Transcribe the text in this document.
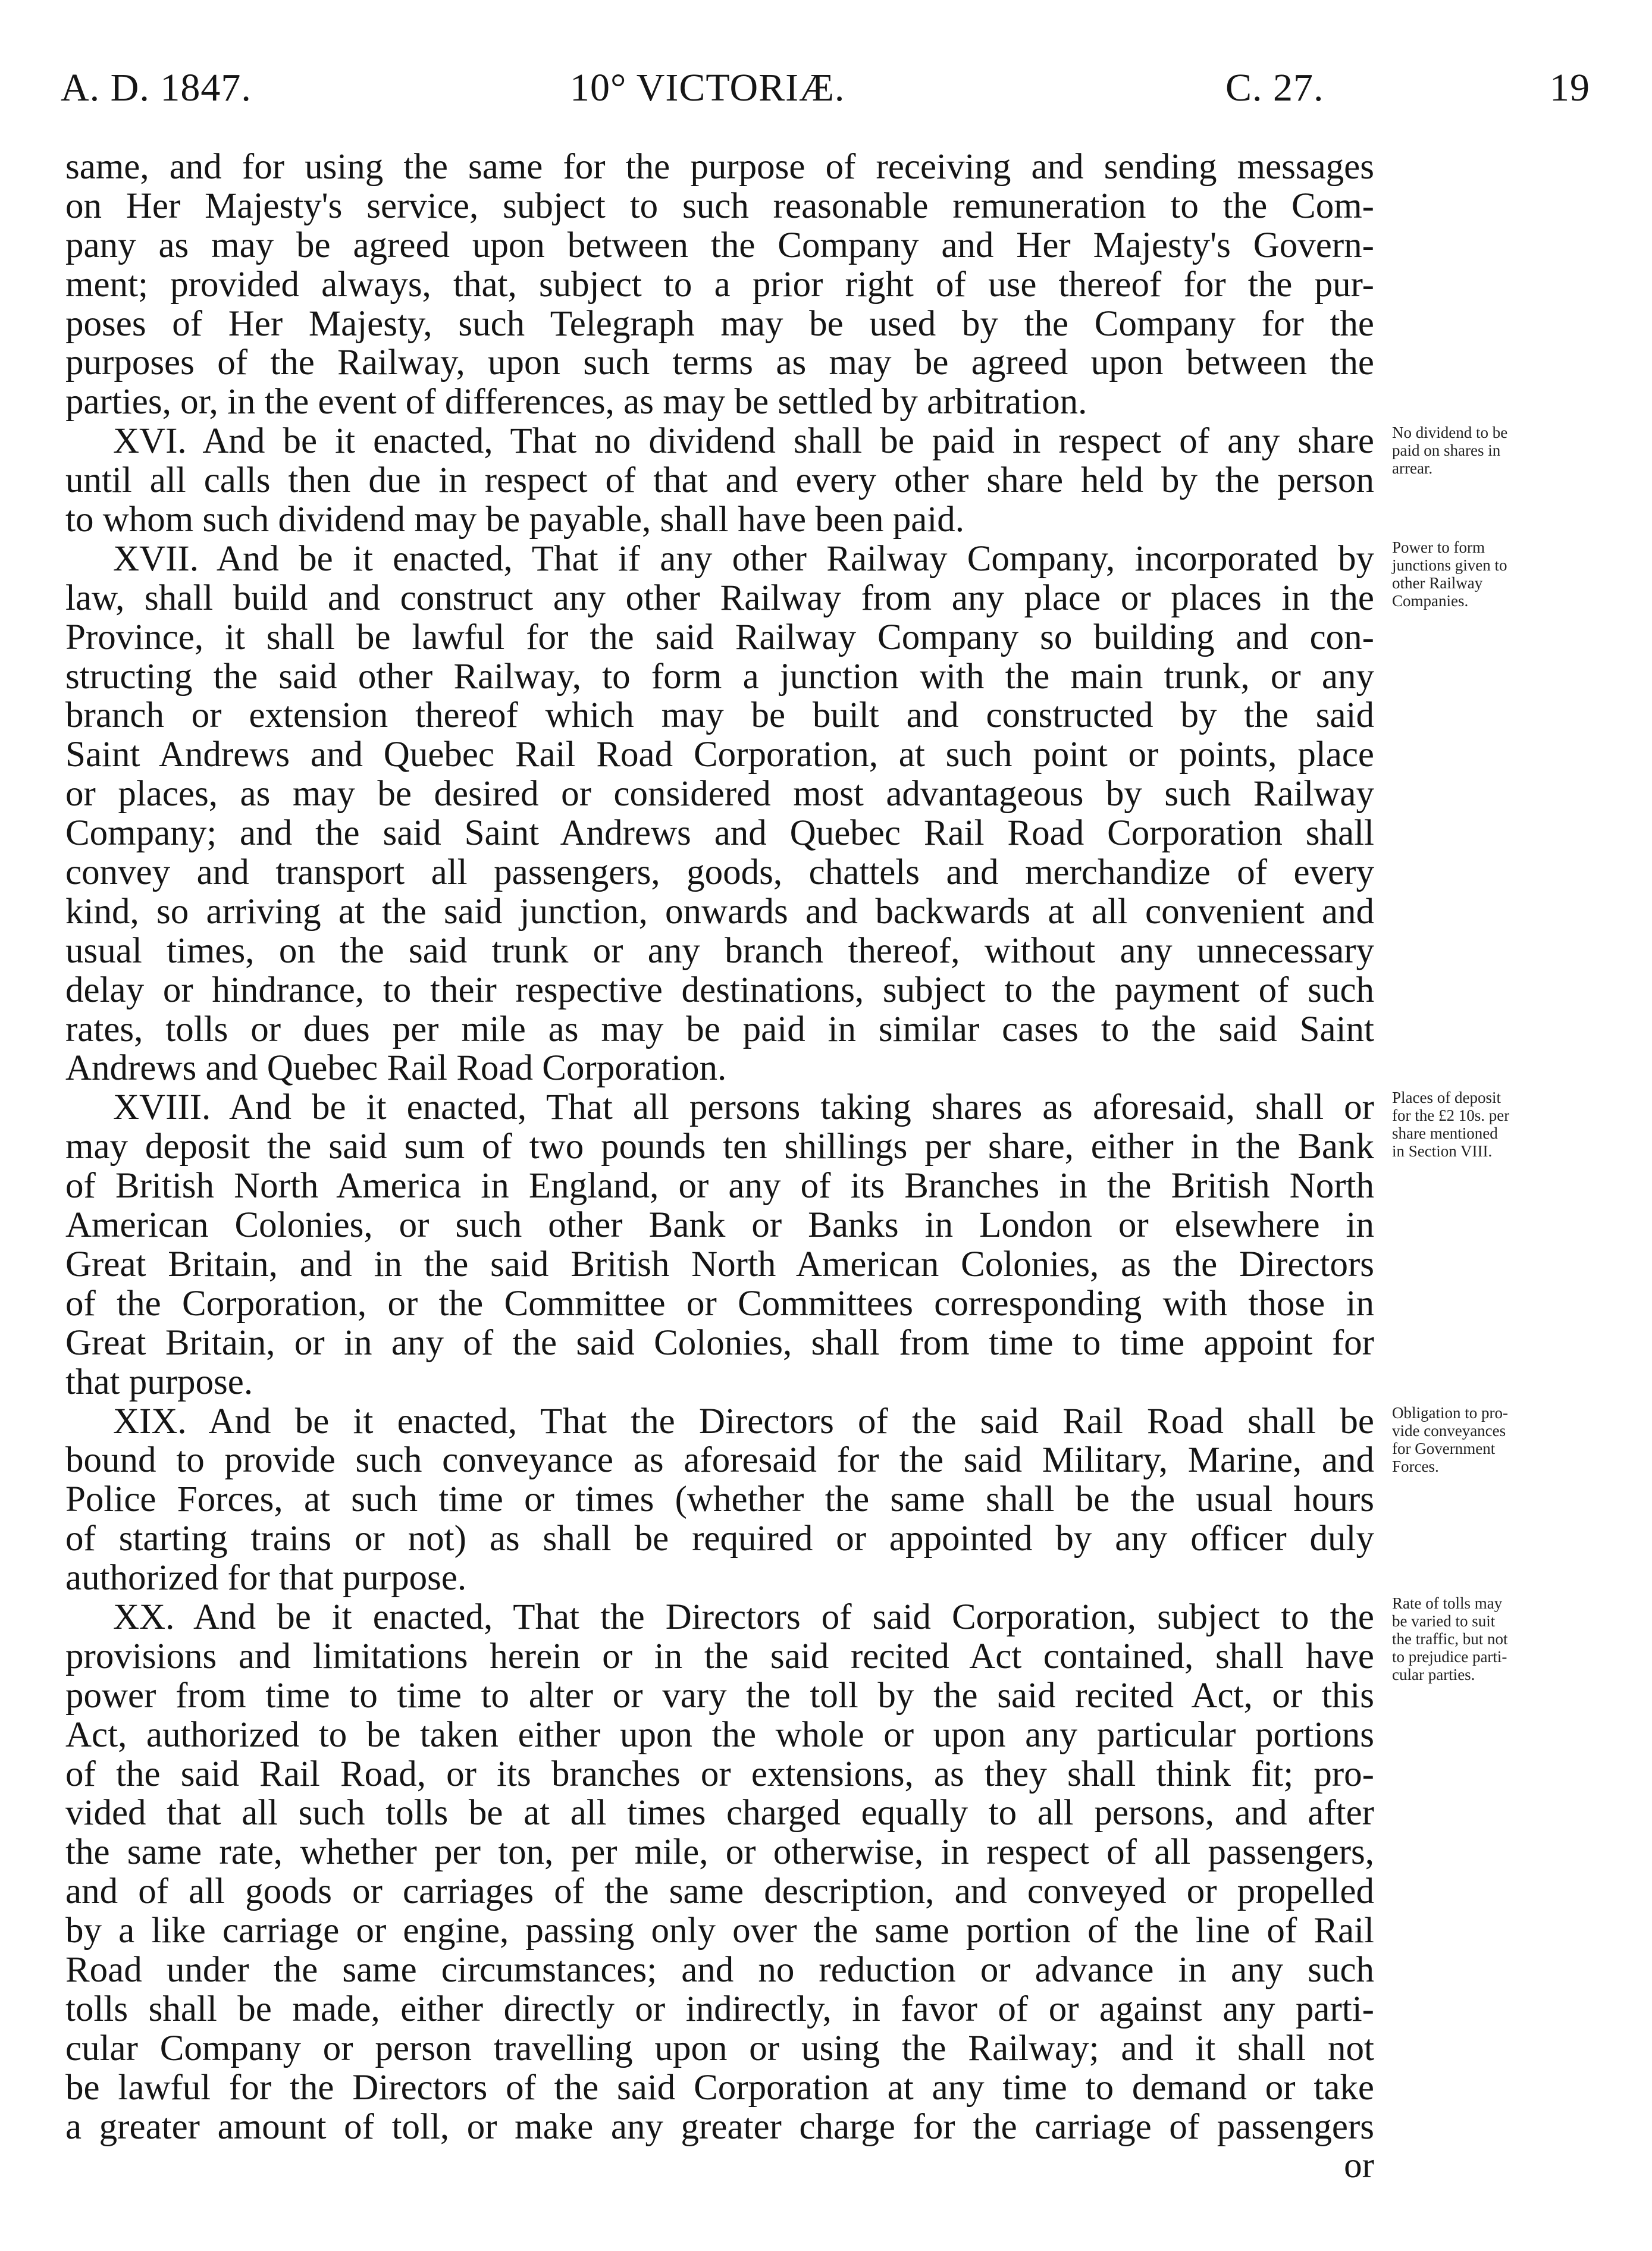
A. D. 1847.	10° VICTORIÆ.	C. 27.	19
same, and for using the same for the purpose of receiving and sending messages
on Her Majesty's service, subject to such reasonable remuneration to the Com-
pany as may be agreed upon between the Company and Her Majesty's Govern-
ment; provided always, that, subject to a prior right of use thereof for the pur-
poses of Her Majesty, such Telegraph may be used by the Company for the
purposes of the Railway, upon such terms as may be agreed upon between the
parties, or, in the event of differences, as may be settled by arbitration.
XVI. And be it enacted, That no dividend shall be paid in respect of any share
until all calls then due in respect of that and every other share held by the person
to whom such dividend may be payable, shall have been paid.
XVII. And be it enacted, That if any other Railway Company, incorporated by
law, shall build and construct any other Railway from any place or places in the
Province, it shall be lawful for the said Railway Company so building and con-
structing the said other Railway, to form a junction with the main trunk, or any
branch or extension thereof which may be built and constructed by the said
Saint Andrews and Quebec Rail Road Corporation, at such point or points, place
or places, as may be desired or considered most advantageous by such Railway
Company; and the said Saint Andrews and Quebec Rail Road Corporation shall
convey and transport all passengers, goods, chattels and merchandize of every
kind, so arriving at the said junction, onwards and backwards at all convenient and
usual times, on the said trunk or any branch thereof, without any unnecessary
delay or hindrance, to their respective destinations, subject to the payment of such
rates, tolls or dues per mile as may be paid in similar cases to the said Saint
Andrews and Quebec Rail Road Corporation.
XVIII. And be it enacted, That all persons taking shares as aforesaid, shall or
may deposit the said sum of two pounds ten shillings per share, either in the Bank
of British North America in England, or any of its Branches in the British North
American Colonies, or such other Bank or Banks in London or elsewhere in
Great Britain, and in the said British North American Colonies, as the Directors
of the Corporation, or the Committee or Committees corresponding with those in
Great Britain, or in any of the said Colonies, shall from time to time appoint for
that purpose.
XIX. And be it enacted, That the Directors of the said Rail Road shall be
bound to provide such conveyance as aforesaid for the said Military, Marine, and
Police Forces, at such time or times (whether the same shall be the usual hours
of starting trains or not) as shall be required or appointed by any officer duly
authorized for that purpose.
XX. And be it enacted, That the Directors of said Corporation, subject to the
provisions and limitations herein or in the said recited Act contained, shall have
power from time to time to alter or vary the toll by the said recited Act, or this
Act, authorized to be taken either upon the whole or upon any particular portions
of the said Rail Road, or its branches or extensions, as they shall think fit; pro-
vided that all such tolls be at all times charged equally to all persons, and after
the same rate, whether per ton, per mile, or otherwise, in respect of all passengers,
and of all goods or carriages of the same description, and conveyed or propelled
by a like carriage or engine, passing only over the same portion of the line of Rail
Road under the same circumstances; and no reduction or advance in any such
tolls shall be made, either directly or indirectly, in favor of or against any parti-
cular Company or person travelling upon or using the Railway; and it shall not
be lawful for the Directors of the said Corporation at any time to demand or take
a greater amount of toll, or make any greater charge for the carriage of passengers
or
No dividend to be
paid on shares in
arrear.
Power to form
junctions given to
other Railway
Companies.
Places of deposit
for the £2 10s. per
share mentioned
in Section VIII.
Obligation to pro-
vide conveyances
for Government
Forces.
Rate of tolls may
be varied to suit
the traffic, but not
to prejudice parti-
cular parties.
